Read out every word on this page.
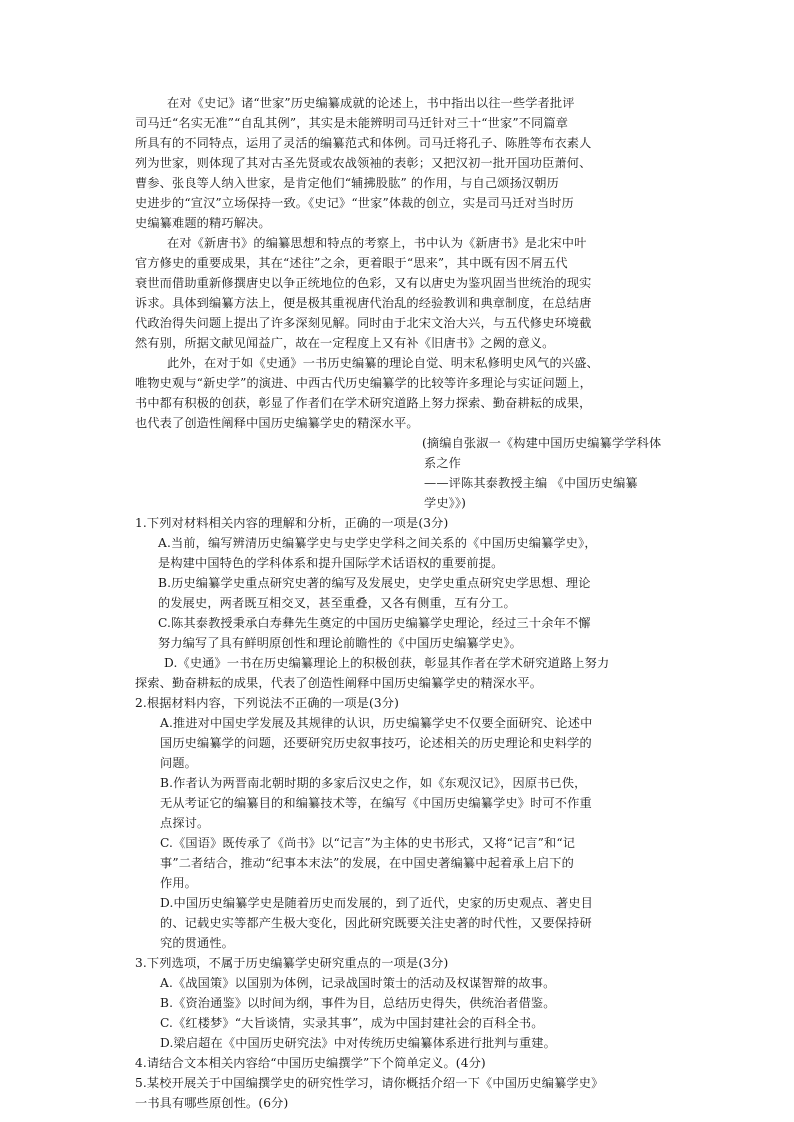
在对《史记》诸“世家”历史编纂成就的论述上，书中指出以往一些学者批评
司马迁“名实无准”“自乱其例”，其实是未能辨明司马迁针对三十“世家”不同篇章
所具有的不同特点，运用了灵活的编纂范式和体例。司马迁将孔子、陈胜等布衣素人
列为世家，则体现了其对古圣先贤或农战领袖的表彰；又把汉初一批开国功臣萧何、
曹参、张良等人纳入世家，是肯定他们“辅拂股肱” 的作用，与自己颂扬汉朝历
史进步的“宣汉”立场保持一致。《史记》“世家”体裁的创立，实是司马迁对当时历
史编纂难题的精巧解决。
在对《新唐书》的编纂思想和特点的考察上，书中认为《新唐书》是北宋中叶
官方修史的重要成果，其在“述往”之余，更着眼于“思来”，其中既有因不屑五代
衰世而借助重新修撰唐史以争正统地位的色彩，又有以唐史为鉴巩固当世统治的现实
诉求。具体到编纂方法上，便是极其重视唐代治乱的经验教训和典章制度，在总结唐
代政治得失问题上提出了许多深刻见解。同时由于北宋文治大兴，与五代修史环境截
然有别，所据文献见闻益广，故在一定程度上又有补《旧唐书》之阙的意义。
此外，在对于如《史通》一书历史编纂的理论自觉、明末私修明史风气的兴盛、
唯物史观与“新史学”的演进、中西古代历史编纂学的比较等许多理论与实证问题上，
书中都有积极的创获，彰显了作者们在学术研究道路上努力探索、勤奋耕耘的成果，
也代表了创造性阐释中国历史编纂学史的精深水平。
(摘编自张淑一《构建中国历史编纂学学科体
系之作
——评陈其泰教授主编 《中国历史编纂
学史》》)
1.下列对材料相关内容的理解和分析，正确的一项是(3分)
A.当前，编写辨清历史编纂学史与史学史学科之间关系的《中国历史编纂学史》，
是构建中国特色的学科体系和提升国际学术话语权的重要前提。
B.历史编纂学史重点研究史著的编写及发展史，史学史重点研究史学思想、理论
的发展史，两者既互相交叉，甚至重叠，又各有侧重，互有分工。
C.陈其泰教授秉承白寿彝先生奠定的中国历史编纂学史理论，经过三十余年不懈
努力编写了具有鲜明原创性和理论前瞻性的《中国历史编纂学史》。
D.《史通》一书在历史编纂理论上的积极创获，彰显其作者在学术研究道路上努力
探索、勤奋耕耘的成果，代表了创造性阐释中国历史编纂学史的精深水平。
2.根据材料内容，下列说法不正确的一项是(3分)
A.推进对中国史学发展及其规律的认识，历史编纂学史不仅要全面研究、论述中
国历史编纂学的问题，还要研究历史叙事技巧，论述相关的历史理论和史料学的
问题。
B.作者认为两晋南北朝时期的多家后汉史之作，如《东观汉记》，因原书已佚，
无从考证它的编纂目的和编纂技术等，在编写《中国历史编纂学史》时可不作重
点探讨。
C.《国语》既传承了《尚书》以“记言”为主体的史书形式，又将“记言”和“记
事”二者结合，推动“纪事本末法”的发展，在中国史著编纂中起着承上启下的
作用。
D.中国历史编纂学史是随着历史而发展的，到了近代，史家的历史观点、著史目
的、记载史实等都产生极大变化，因此研究既要关注史著的时代性，又要保持研
究的贯通性。
3.下列选项，不属于历史编纂学史研究重点的一项是(3分)
A.《战国策》以国别为体例，记录战国时策士的活动及权谋智辩的故事。
B.《资治通鉴》以时间为纲，事件为目，总结历史得失，供统治者借鉴。
C.《红楼梦》“大旨谈情，实录其事”，成为中国封建社会的百科全书。
D.梁启超在《中国历史研究法》中对传统历史编纂体系进行批判与重建。
4.请结合文本相关内容给“中国历史编撰学”下个简单定义。(4分)
5.某校开展关于中国编撰学史的研究性学习，请你概括介绍一下《中国历史编纂学史》
一书具有哪些原创性。(6分)
